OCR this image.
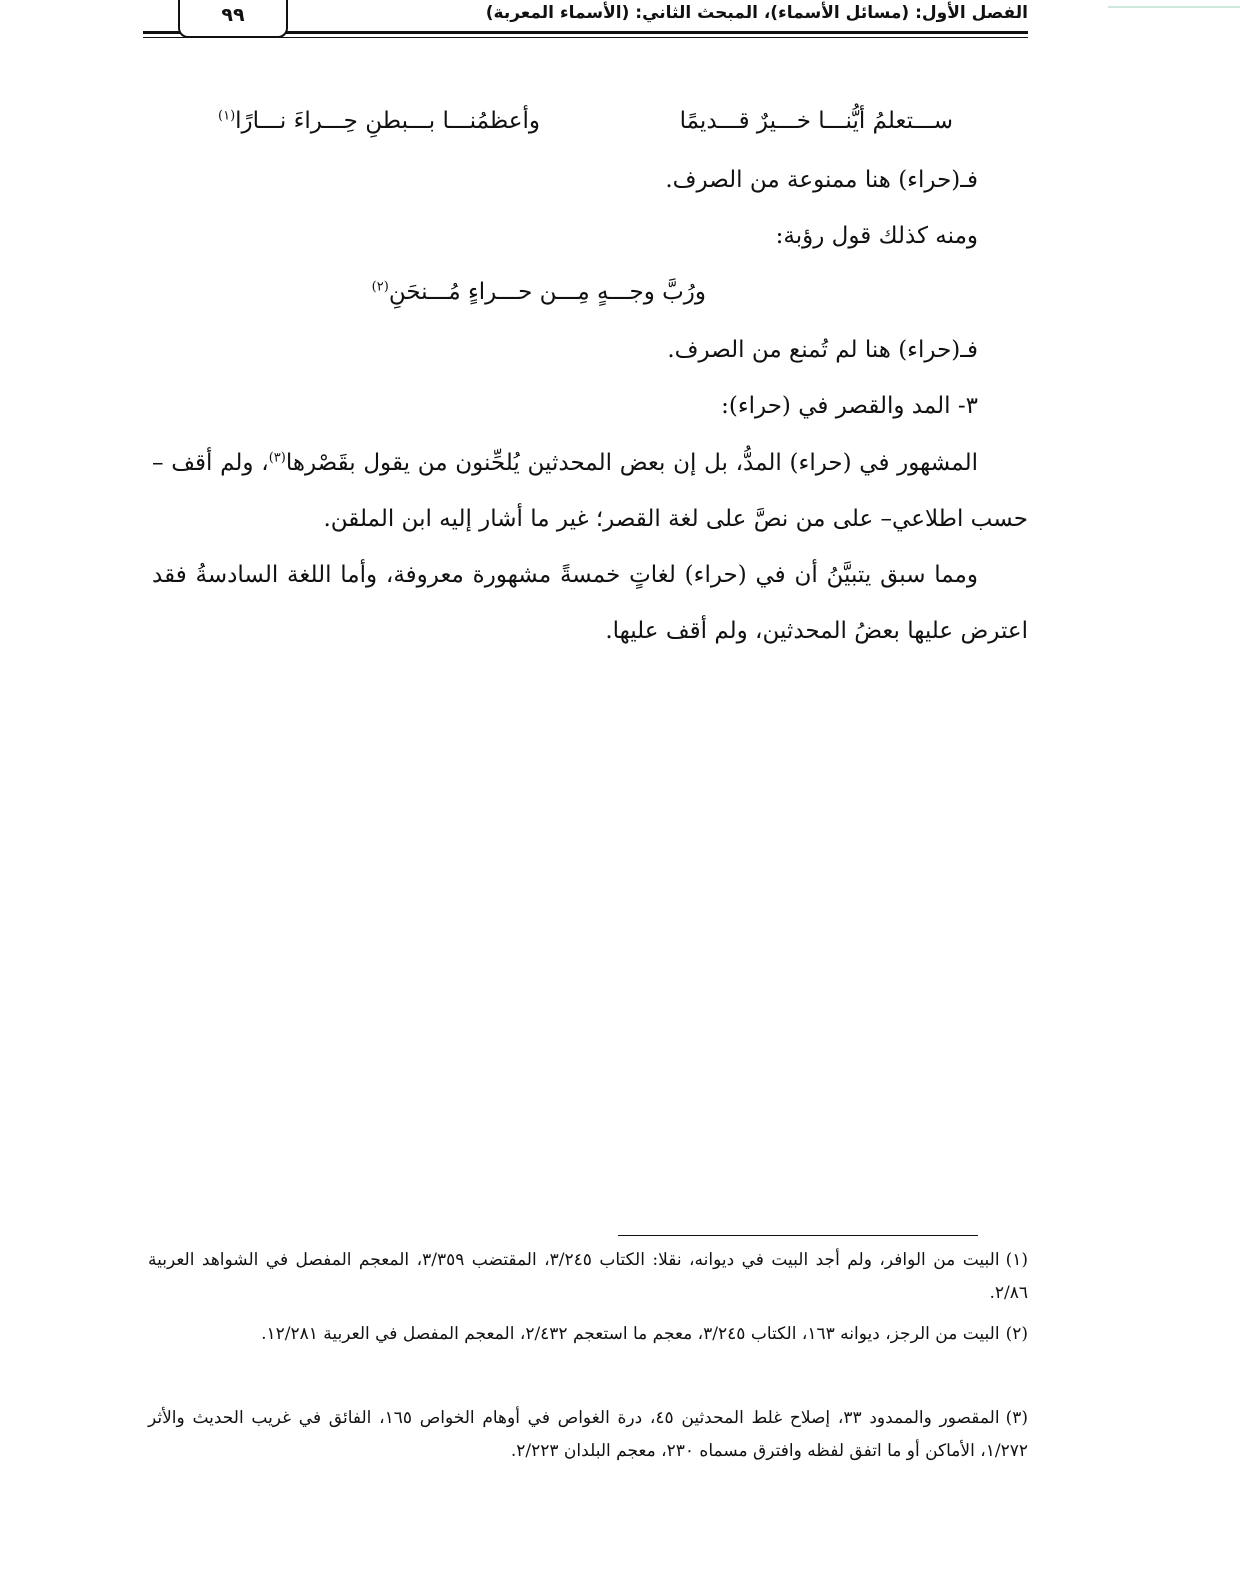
الفصل الأول: (مسائل الأسماء)، المبحث الثاني: (الأسماء المعربة)
٩٩
ســـتعلمُ أيُّنـــا خـــيرٌ قـــديمًا
وأعظمُنـــا بـــبطنِ حِـــراءَ نـــارًا$^{(١)}$
فـ(حراء) هنا ممنوعة من الصرف.
ومنه كذلك قول رؤبة:
ورُبَّ وجـــهٍ مِـــن حـــراءٍ مُـــنحَنِ$^{(٢)}$
فـ(حراء) هنا لم تُمنع من الصرف.
٣- المد والقصر في (حراء):
المشهور في (حراء) المدُّ، بل إن بعض المحدثين يُلحِّنون من يقول بقَصْرها$^{(٣)}$، ولم أقف –
حسب اطلاعي– على من نصَّ على لغة القصر؛ غير ما أشار إليه ابن الملقن.
ومما سبق يتبيَّنُ أن في (حراء) لغاتٍ خمسةً مشهورة معروفة، وأما اللغة السادسةُ فقد
اعترض عليها بعضُ المحدثين، ولم أقف عليها.
(١)البيت من الوافر، ولم أجد البيت في ديوانه، نقلا: الكتاب ٣/٢٤٥، المقتضب ٣/٣٥٩، المعجم المفصل في الشواهد العربية ٢/٨٦.
(٢)البيت من الرجز، ديوانه ١٦٣، الكتاب ٣/٢٤٥، معجم ما استعجم ٢/٤٣٢، المعجم المفصل في العربية ١٢/٢٨١.
(٣)المقصور والممدود ٣٣، إصلاح غلط المحدثين ٤٥، درة الغواص في أوهام الخواص ١٦٥، الفائق في غريب الحديث والأثر ١/٢٧٢، الأماكن أو ما اتفق لفظه وافترق مسماه ٢٣٠، معجم البلدان ٢/٢٢٣.
